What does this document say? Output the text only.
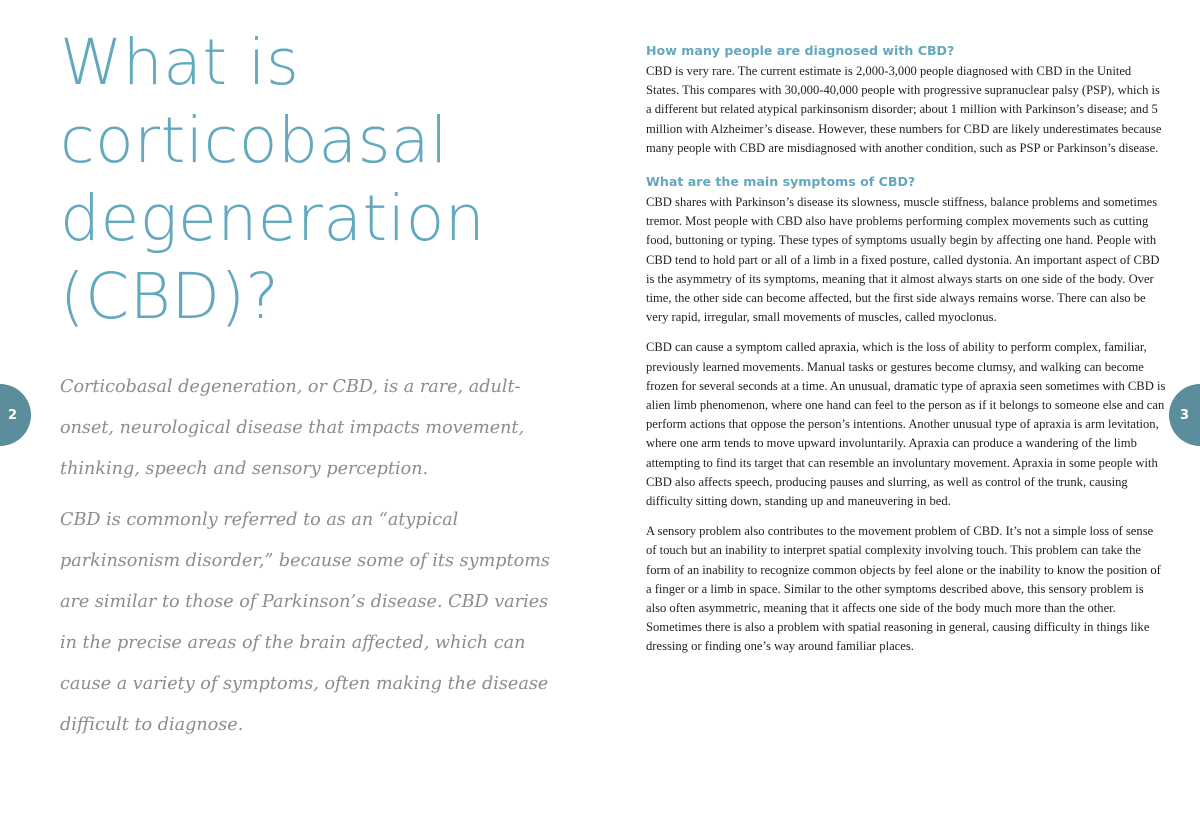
2	3
What is
corticobasal
degeneration
(CBD)?

Corticobasal degeneration, or CBD, is a rare, adult-onset, neurological disease that impacts movement, thinking, speech and sensory perception.

CBD is commonly referred to as an “atypical parkinsonism disorder,” because some of its symptoms are similar to those of Parkinson’s disease. CBD varies in the precise areas of the brain affected, which can cause a variety of symptoms, often making the disease difficult to diagnose.

How many people are diagnosed with CBD?

CBD is very rare. The current estimate is 2,000-3,000 people diagnosed with CBD in the United States. This compares with 30,000-40,000 people with progressive supranuclear palsy (PSP), which is a different but related atypical parkinsonism disorder; about 1 million with Parkinson’s disease; and 5 million with Alzheimer’s disease. However, these numbers for CBD are likely underestimates because many people with CBD are misdiagnosed with another condition, such as PSP or Parkinson’s disease.

What are the main symptoms of CBD?

CBD shares with Parkinson’s disease its slowness, muscle stiffness, balance problems and sometimes tremor. Most people with CBD also have problems performing complex movements such as cutting food, buttoning or typing. These types of symptoms usually begin by affecting one hand. People with CBD tend to hold part or all of a limb in a fixed posture, called dystonia. An important aspect of CBD is the asymmetry of its symptoms, meaning that it almost always starts on one side of the body. Over time, the other side can become affected, but the first side always remains worse. There can also be very rapid, irregular, small movements of muscles, called myoclonus.

CBD can cause a symptom called apraxia, which is the loss of ability to perform complex, familiar, previously learned movements. Manual tasks or gestures become clumsy, and walking can become frozen for several seconds at a time. An unusual, dramatic type of apraxia seen sometimes with CBD is alien limb phenomenon, where one hand can feel to the person as if it belongs to someone else and can perform actions that oppose the person’s intentions. Another unusual type of apraxia is arm levitation, where one arm tends to move upward involuntarily. Apraxia can produce a wandering of the limb attempting to find its target that can resemble an involuntary movement. Apraxia in some people with CBD also affects speech, producing pauses and slurring, as well as control of the trunk, causing difficulty sitting down, standing up and maneuvering in bed.

A sensory problem also contributes to the movement problem of CBD. It’s not a simple loss of sense of touch but an inability to interpret spatial complexity involving touch. This problem can take the form of an inability to recognize common objects by feel alone or the inability to know the position of a finger or a limb in space. Similar to the other symptoms described above, this sensory problem is also often asymmetric, meaning that it affects one side of the body much more than the other. Sometimes there is also a problem with spatial reasoning in general, causing difficulty in things like dressing or finding one’s way around familiar places.
